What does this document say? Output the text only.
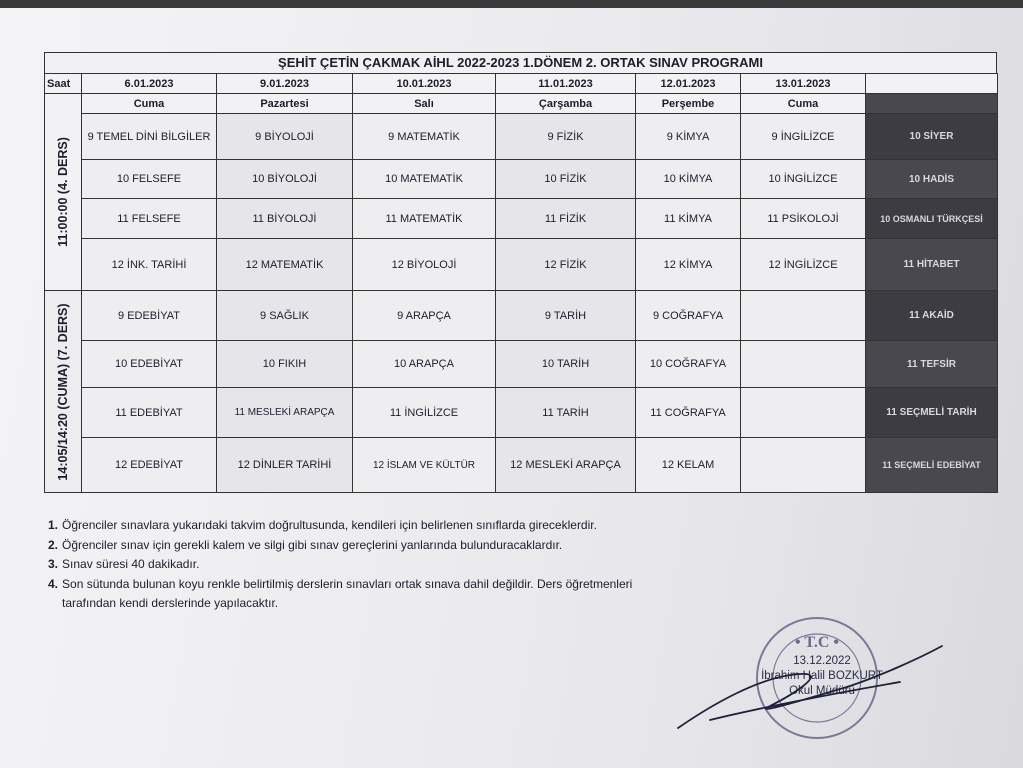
ŞEHİT ÇETİN ÇAKMAK AİHL 2022-2023 1.DÖNEM 2. ORTAK SINAV PROGRAMI
Saat	6.01.2023	9.01.2023	10.01.2023	11.01.2023	12.01.2023	13.01.2023	

11:00:00 (4. DERS)	Cuma	Pazartesi	Salı	Çarşamba	Perşembe	Cuma	
	9 TEMEL DİNİ BİLGİLER	9 BİYOLOJİ	9 MATEMATİK	9 FİZİK	9 KİMYA	9 İNGİLİZCE	10 SİYER
	10 FELSEFE	10 BİYOLOJİ	10 MATEMATİK	10 FİZİK	10 KİMYA	10 İNGİLİZCE	10 HADİS
	11 FELSEFE	11 BİYOLOJİ	11 MATEMATİK	11 FİZİK	11 KİMYA	11 PSİKOLOJİ	10 OSMANLI TÜRKÇESİ
	12 İNK. TARİHİ	12 MATEMATİK	12 BİYOLOJİ	12 FİZİK	12 KİMYA	12 İNGİLİZCE	11 HİTABET

14:05/14:20 (CUMA) (7. DERS)	9 EDEBİYAT	9 SAĞLIK	9 ARAPÇA	9 TARİH	9 COĞRAFYA		11 AKAİD
	10 EDEBİYAT	10 FIKIH	10 ARAPÇA	10 TARİH	10 COĞRAFYA		11 TEFSİR
	11 EDEBİYAT	11 MESLEKİ ARAPÇA	11 İNGİLİZCE	11 TARİH	11 COĞRAFYA		11 SEÇMELİ TARİH
	12 EDEBİYAT	12 DİNLER TARİHİ	12 İSLAM VE KÜLTÜR	12 MESLEKİ ARAPÇA	12 KELAM		11 SEÇMELİ EDEBİYAT
1. Öğrenciler sınavlara yukarıdaki takvim doğrultusunda, kendileri için belirlenen sınıflarda gireceklerdir.
2. Öğrenciler sınav için gerekli kalem ve silgi gibi sınav gereçlerini yanlarında bulunduracaklardır.
3. Sınav süresi 40 dakikadır.
4. Son sütunda bulunan koyu renkle belirtilmiş derslerin sınavları ortak sınava dahil değildir. Ders öğretmenleri
tarafından kendi derslerinde yapılacaktır.
• T.C •
13.12.2022
İbrahim Halil BOZKURT
Okul Müdürü
